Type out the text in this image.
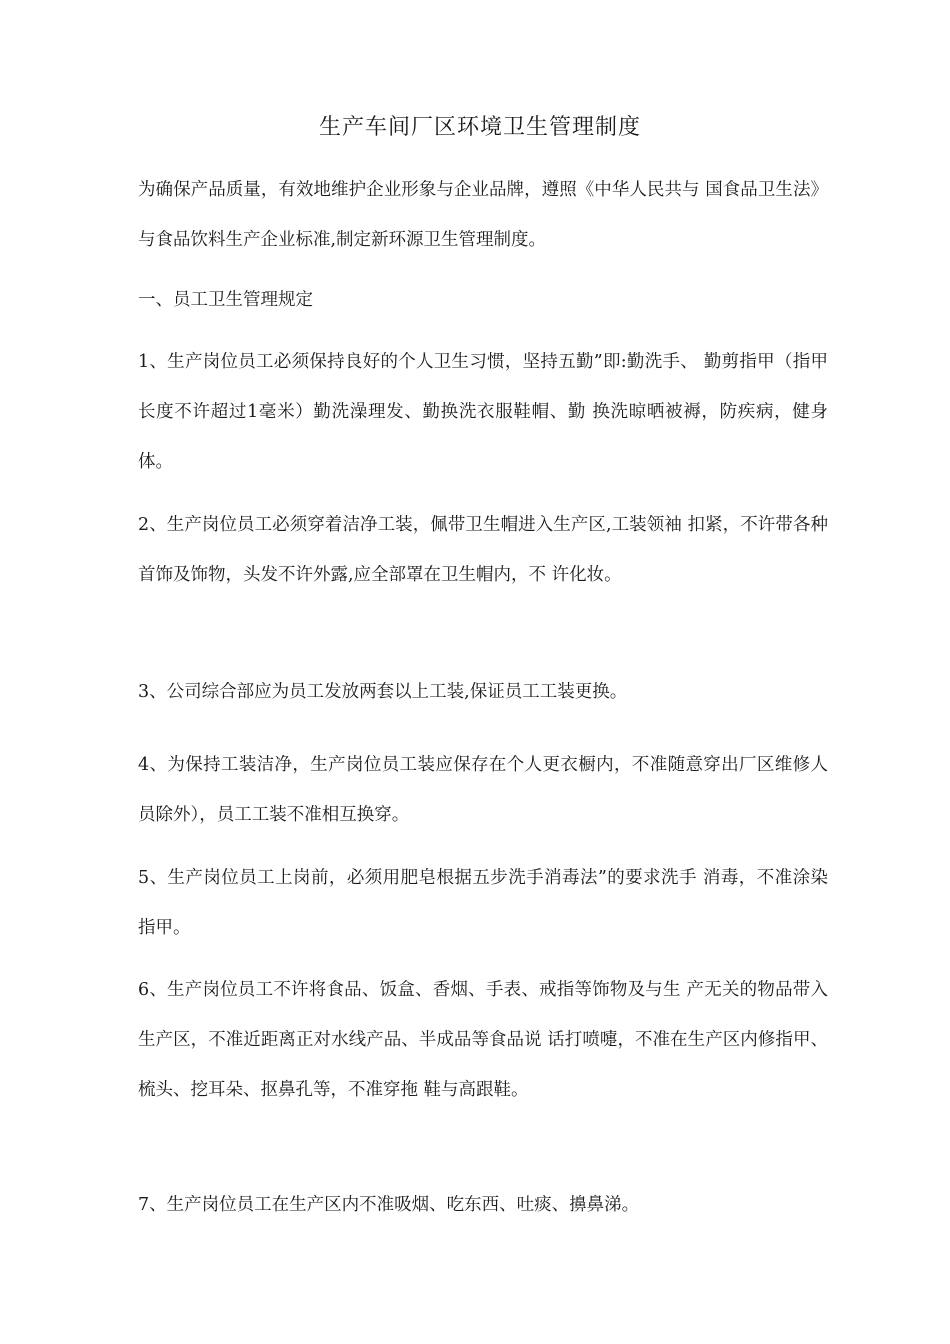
生产车间厂区环境卫生管理制度
为确保产品质量，有效地维护企业形象与企业品牌，遵照《中华人民共与 国食品卫生法》与食品饮料生产企业标准,制定新环源卫生管理制度。
一、员工卫生管理规定
1、生产岗位员工必须保持良好的个人卫生习惯，坚持五勤”即:勤洗手、 勤剪指甲（指甲长度不许超过1毫米）勤洗澡理发、勤换洗衣服鞋帽、勤 换洗晾晒被褥，防疾病，健身体。
2、生产岗位员工必须穿着洁净工装，佩带卫生帽进入生产区,工装领袖 扣紧，不许带各种首饰及饰物，头发不许外露,应全部罩在卫生帽内，不 许化妆。
3、公司综合部应为员工发放两套以上工装,保证员工工装更换。
4、为保持工装洁净，生产岗位员工装应保存在个人更衣橱内，不准随意穿出厂区维修人员除外），员工工装不准相互换穿。
5、生产岗位员工上岗前，必须用肥皂根据五步洗手消毒法”的要求洗手 消毒，不准涂染指甲。
6、生产岗位员工不许将食品、饭盒、香烟、手表、戒指等饰物及与生 产无关的物品带入生产区，不准近距离正对水线产品、半成品等食品说 话打喷嚏，不准在生产区内修指甲、梳头、挖耳朵、抠鼻孔等，不准穿拖 鞋与高跟鞋。
7、生产岗位员工在生产区内不准吸烟、吃东西、吐痰、擤鼻涕。
